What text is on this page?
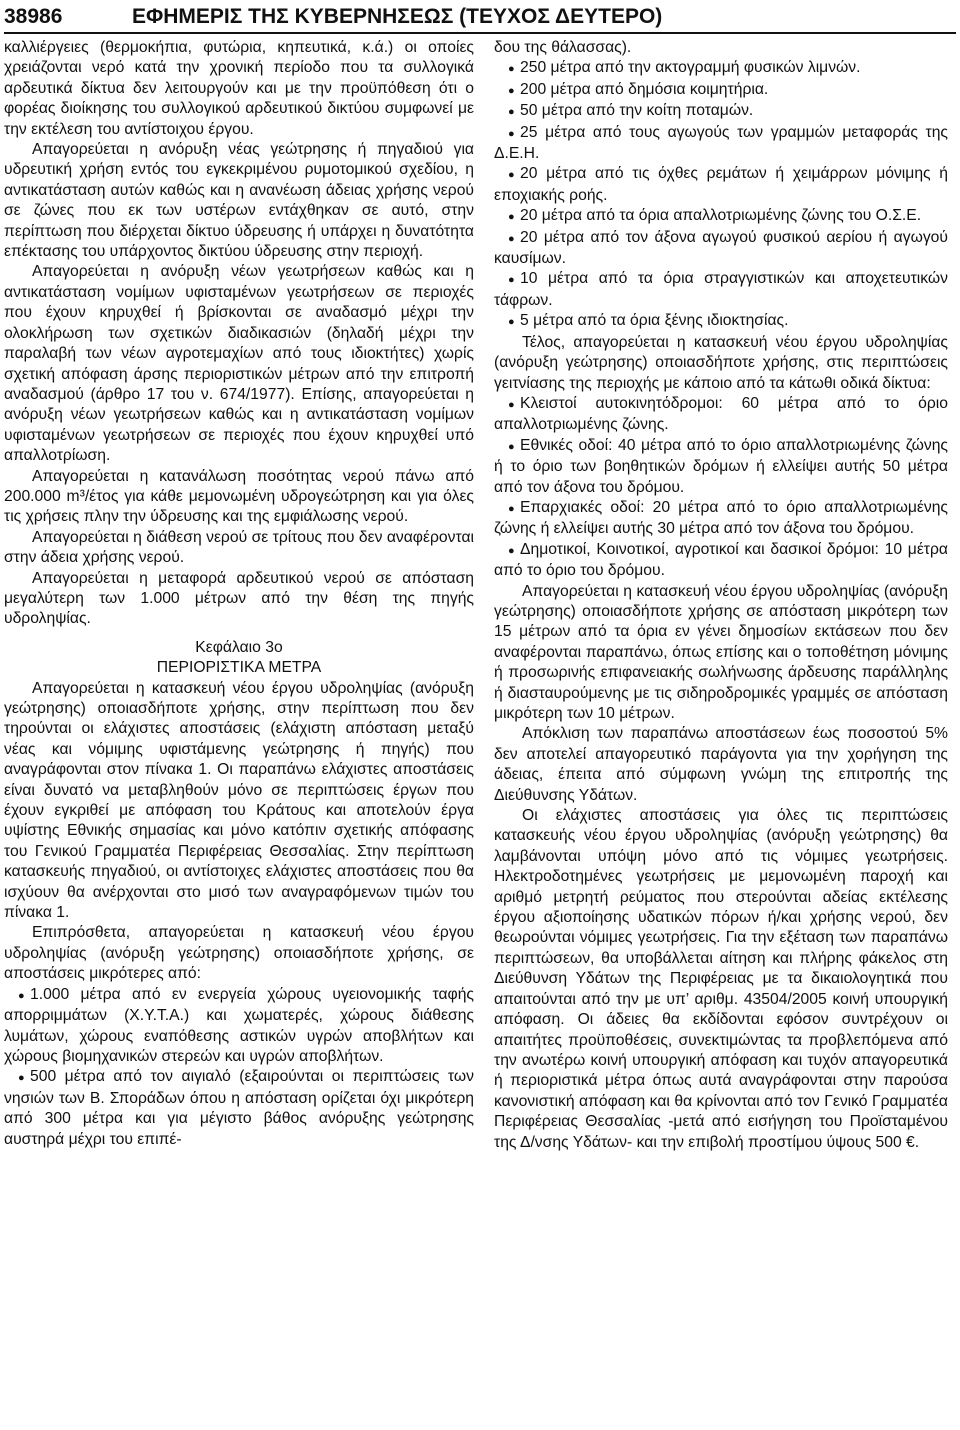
38986	ΕΦΗΜΕΡΙΣ ΤΗΣ ΚΥΒΕΡΝΗΣΕΩΣ (ΤΕΥΧΟΣ ΔΕΥΤΕΡΟ)

καλλιέργειες (θερμοκήπια, φυτώρια, κηπευτικά, κ.ά.) οι οποίες χρειάζονται νερό κατά την χρονική περίοδο που τα συλλογικά αρδευτικά δίκτυα δεν λειτουργούν και με την προϋπόθεση ότι ο φορέας διοίκησης του συλλογικού αρδευτικού δικτύου συμφωνεί με την εκτέλεση του αντίστοιχου έργου.

Απαγορεύεται η ανόρυξη νέας γεώτρησης ή πηγαδιού για υδρευτική χρήση εντός του εγκεκριμένου ρυμοτομικού σχεδίου, η αντικατάσταση αυτών καθώς και η ανανέωση άδειας χρήσης νερού σε ζώνες που εκ των υστέρων εντάχθηκαν σε αυτό, στην περίπτωση που διέρχεται δίκτυο ύδρευσης ή υπάρχει η δυνατότητα επέκτασης του υπάρχοντος δικτύου ύδρευσης στην περιοχή.

Απαγορεύεται η ανόρυξη νέων γεωτρήσεων καθώς και η αντικατάσταση νομίμων υφισταμένων γεωτρήσεων σε περιοχές που έχουν κηρυχθεί ή βρίσκονται σε αναδασμό μέχρι την ολοκλήρωση των σχετικών διαδικασιών (δηλαδή μέχρι την παραλαβή των νέων αγροτεμαχίων από τους ιδιοκτήτες) χωρίς σχετική απόφαση άρσης περιοριστικών μέτρων από την επιτροπή αναδασμού (άρθρο 17 του ν. 674/1977). Επίσης, απαγορεύεται η ανόρυξη νέων γεωτρήσεων καθώς και η αντικατάσταση νομίμων υφισταμένων γεωτρήσεων σε περιοχές που έχουν κηρυχθεί υπό απαλλοτρίωση.

Απαγορεύεται η κατανάλωση ποσότητας νερού πάνω από 200.000 m³/έτος για κάθε μεμονωμένη υδρογεώτρηση και για όλες τις χρήσεις πλην την ύδρευσης και της εμφιάλωσης νερού.

Απαγορεύεται η διάθεση νερού σε τρίτους που δεν αναφέρονται στην άδεια χρήσης νερού.

Απαγορεύεται η μεταφορά αρδευτικού νερού σε απόσταση μεγαλύτερη των 1.000 μέτρων από την θέση της πηγής υδροληψίας.

Κεφάλαιο 3ο

ΠΕΡΙΟΡΙΣΤΙΚΑ ΜΕΤΡΑ

Απαγορεύεται η κατασκευή νέου έργου υδροληψίας (ανόρυξη γεώτρησης) οποιασδήποτε χρήσης, στην περίπτωση που δεν τηρούνται οι ελάχιστες αποστάσεις (ελάχιστη απόσταση μεταξύ νέας και νόμιμης υφιστάμενης γεώτρησης ή πηγής) που αναγράφονται στον πίνακα 1. Οι παραπάνω ελάχιστες αποστάσεις είναι δυνατό να μεταβληθούν μόνο σε περιπτώσεις έργων που έχουν εγκριθεί με απόφαση του Κράτους και αποτελούν έργα υψίστης Εθνικής σημασίας και μόνο κατόπιν σχετικής απόφασης του Γενικού Γραμματέα Περιφέρειας Θεσσαλίας. Στην περίπτωση κατασκευής πηγαδιού, οι αντίστοιχες ελάχιστες αποστάσεις που θα ισχύουν θα ανέρχονται στο μισό των αναγραφόμενων τιμών του πίνακα 1.

Επιπρόσθετα, απαγορεύεται η κατασκευή νέου έργου υδροληψίας (ανόρυξη γεώτρησης) οποιασδήποτε χρήσης, σε αποστάσεις μικρότερες από:

● 1.000 μέτρα από εν ενεργεία χώρους υγειονομικής ταφής απορριμμάτων (Χ.Υ.Τ.Α.) και χωματερές, χώρους διάθεσης λυμάτων, χώρους εναπόθεσης αστικών υγρών αποβλήτων και χώρους βιομηχανικών στερεών και υγρών αποβλήτων.

● 500 μέτρα από τον αιγιαλό (εξαιρούνται οι περιπτώσεις των νησιών των Β. Σποράδων όπου η απόσταση ορίζεται όχι μικρότερη από 300 μέτρα και για μέγιστο βάθος ανόρυξης γεώτρησης αυστηρά μέχρι του επιπέ-

δου της θάλασσας).

● 250 μέτρα από την ακτογραμμή φυσικών λιμνών.

● 200 μέτρα από δημόσια κοιμητήρια.

● 50 μέτρα από την κοίτη ποταμών.

● 25 μέτρα από τους αγωγούς των γραμμών μεταφοράς της Δ.Ε.Η.

● 20 μέτρα από τις όχθες ρεμάτων ή χειμάρρων μόνιμης ή εποχιακής ροής.

● 20 μέτρα από τα όρια απαλλοτριωμένης ζώνης του Ο.Σ.Ε.

● 20 μέτρα από τον άξονα αγωγού φυσικού αερίου ή αγωγού καυσίμων.

● 10 μέτρα από τα όρια στραγγιστικών και αποχετευτικών τάφρων.

● 5 μέτρα από τα όρια ξένης ιδιοκτησίας.

Τέλος, απαγορεύεται η κατασκευή νέου έργου υδροληψίας (ανόρυξη γεώτρησης) οποιασδήποτε χρήσης, στις περιπτώσεις γειτνίασης της περιοχής με κάποιο από τα κάτωθι οδικά δίκτυα:

● Κλειστοί αυτοκινητόδρομοι: 60 μέτρα από το όριο απαλλοτριωμένης ζώνης.

● Εθνικές οδοί: 40 μέτρα από το όριο απαλλοτριωμένης ζώνης ή το όριο των βοηθητικών δρόμων ή ελλείψει αυτής 50 μέτρα από τον άξονα του δρόμου.

● Επαρχιακές οδοί: 20 μέτρα από το όριο απαλλοτριωμένης ζώνης ή ελλείψει αυτής 30 μέτρα από τον άξονα του δρόμου.

● Δημοτικοί, Κοινοτικοί, αγροτικοί και δασικοί δρόμοι: 10 μέτρα από το όριο του δρόμου.

Απαγορεύεται η κατασκευή νέου έργου υδροληψίας (ανόρυξη γεώτρησης) οποιασδήποτε χρήσης σε απόσταση μικρότερη των 15 μέτρων από τα όρια εν γένει δημοσίων εκτάσεων που δεν αναφέρονται παραπάνω, όπως επίσης και ο τοποθέτηση μόνιμης ή προσωρινής επιφανειακής σωλήνωσης άρδευσης παράλληλης ή διασταυρούμενης με τις σιδηροδρομικές γραμμές σε απόσταση μικρότερη των 10 μέτρων.

Απόκλιση των παραπάνω αποστάσεων έως ποσοστού 5% δεν αποτελεί απαγορευτικό παράγοντα για την χορήγηση της άδειας, έπειτα από σύμφωνη γνώμη της επιτροπής της Διεύθυνσης Υδάτων.

Οι ελάχιστες αποστάσεις για όλες τις περιπτώσεις κατασκευής νέου έργου υδροληψίας (ανόρυξη γεώτρησης) θα λαμβάνονται υπόψη μόνο από τις νόμιμες γεωτρήσεις. Ηλεκτροδοτημένες γεωτρήσεις με μεμονωμένη παροχή και αριθμό μετρητή ρεύματος που στερούνται αδείας εκτέλεσης έργου αξιοποίησης υδατικών πόρων ή/και χρήσης νερού, δεν θεωρούνται νόμιμες γεωτρήσεις. Για την εξέταση των παραπάνω περιπτώσεων, θα υποβάλλεται αίτηση και πλήρης φάκελος στη Διεύθυνση Υδάτων της Περιφέρειας με τα δικαιολογητικά που απαιτούνται από την με υπ’ αριθμ. 43504/2005 κοινή υπουργική απόφαση. Οι άδειες θα εκδίδονται εφόσον συντρέχουν οι απαιτήτες προϋποθέσεις, συνεκτιμώντας τα προβλεπόμενα από την ανωτέρω κοινή υπουργική απόφαση και τυχόν απαγορευτικά ή περιοριστικά μέτρα όπως αυτά αναγράφονται στην παρούσα κανονιστική απόφαση και θα κρίνονται από τον Γενικό Γραμματέα Περιφέρειας Θεσσαλίας -μετά από εισήγηση του Προϊσταμένου της Δ/νσης Υδάτων- και την επιβολή προστίμου ύψους 500 €.
